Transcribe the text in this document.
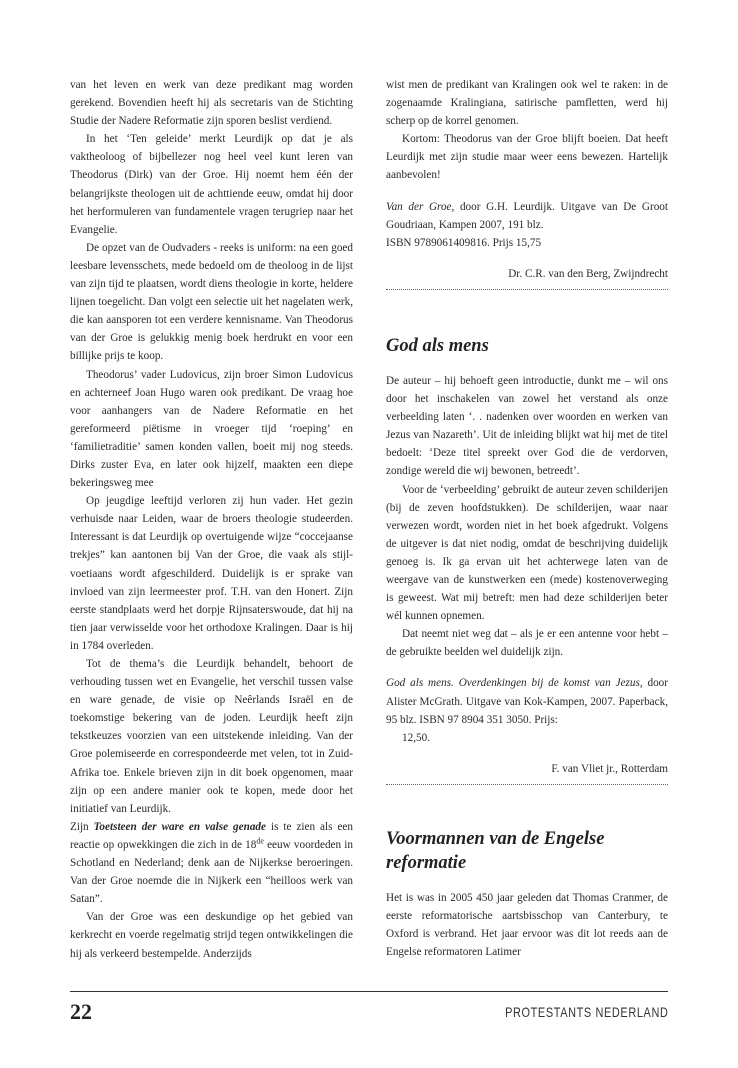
van het leven en werk van deze predikant mag worden gerekend. Bovendien heeft hij als secretaris van de Stichting Studie der Nadere Reformatie zijn sporen beslist verdiend.

In het ‘Ten geleide’ merkt Leurdijk op dat je als vaktheoloog of bijbellezer nog heel veel kunt leren van Theodorus (Dirk) van der Groe. Hij noemt hem één der belangrijkste theologen uit de achttiende eeuw, omdat hij door het herformuleren van fundamentele vragen terugriep naar het Evangelie.

De opzet van de Oudvaders - reeks is uniform: na een goed leesbare levensschets, mede bedoeld om de theoloog in de lijst van zijn tijd te plaatsen, wordt diens theologie in korte, heldere lijnen toegelicht. Dan volgt een selectie uit het nagelaten werk, die kan aansporen tot een verdere kennisname. Van Theodorus van der Groe is gelukkig menig boek herdrukt en voor een billijke prijs te koop.

Theodorus’ vader Ludovicus, zijn broer Simon Ludovicus en achterneef Joan Hugo waren ook predikant. De vraag hoe voor aanhangers van de Nadere Reformatie en het gereformeerd piëtisme in vroeger tijd ‘roeping’ en ‘familietraditie’ samen konden vallen, boeit mij nog steeds. Dirks zuster Eva, en later ook hijzelf, maakten een diepe bekeringsweg mee

Op jeugdige leeftijd verloren zij hun vader. Het gezin verhuisde naar Leiden, waar de broers theologie studeerden. Interessant is dat Leurdijk op overtuigende wijze “coccejaanse trekjes” kan aantonen bij Van der Groe, die vaak als stijl-voetiaans wordt afgeschilderd. Duidelijk is er sprake van invloed van zijn leermeester prof. T.H. van den Honert. Zijn eerste standplaats werd het dorpje Rijnsaterswoude, dat hij na tien jaar verwisselde voor het orthodoxe Kralingen. Daar is hij in 1784 overleden.

Tot de thema’s die Leurdijk behandelt, behoort de verhouding tussen wet en Evangelie, het verschil tussen valse en ware genade, de visie op Neêrlands Israël en de toekomstige bekering van de joden. Leurdijk heeft zijn tekstkeuzes voorzien van een uitstekende inleiding. Van der Groe polemiseerde en correspondeerde met velen, tot in Zuid-Afrika toe. Enkele brieven zijn in dit boek opgenomen, maar zijn op een andere manier ook te kopen, mede door het initiatief van Leurdijk.

Zijn Toetsteen der ware en valse genade is te zien als een reactie op opwekkingen die zich in de 18de eeuw voordeden in Schotland en Nederland; denk aan de Nijkerkse beroeringen. Van der Groe noemde die in Nijkerk een “heilloos werk van Satan”.

Van der Groe was een deskundige op het gebied van kerkrecht en voerde regelmatig strijd tegen ontwikkelingen die hij als verkeerd bestempelde. Anderzijds

wist men de predikant van Kralingen ook wel te raken: in de zogenaamde Kralingiana, satirische pamfletten, werd hij scherp op de korrel genomen.

Kortom: Theodorus van der Groe blijft boeien. Dat heeft Leurdijk met zijn studie maar weer eens bewezen. Hartelijk aanbevolen!

Van der Groe, door G.H. Leurdijk. Uitgave van De Groot Goudriaan, Kampen 2007, 191 blz.

ISBN 9789061409816. Prijs 15,75

Dr. C.R. van den Berg, Zwijndrecht

God als mens

De auteur – hij behoeft geen introductie, dunkt me – wil ons door het inschakelen van zowel het verstand als onze verbeelding laten ‘. . nadenken over woorden en werken van Jezus van Nazareth’. Uit de inleiding blijkt wat hij met de titel bedoelt: ‘Deze titel spreekt over God die de verdorven, zondige wereld die wij bewonen, betreedt’.

Voor de ‘verbeelding’ gebruikt de auteur zeven schilderijen (bij de zeven hoofdstukken). De schilderijen, waar naar verwezen wordt, worden niet in het boek afgedrukt. Volgens de uitgever is dat niet nodig, omdat de beschrijving duidelijk genoeg is. Ik ga ervan uit het achterwege laten van de weergave van de kunstwerken een (mede) kostenoverweging is geweest. Wat mij betreft: men had deze schilderijen beter wél kunnen opnemen.

Dat neemt niet weg dat – als je er een antenne voor hebt – de gebruikte beelden wel duidelijk zijn.

God als mens. Overdenkingen bij de komst van Jezus, door Alister McGrath. Uitgave van Kok-Kampen, 2007. Paperback, 95 blz. ISBN 97 8904 351 3050. Prijs:

12,50.

F. van Vliet jr., Rotterdam

Voormannen van de Engelse reformatie

Het is was in 2005 450 jaar geleden dat Thomas Cranmer, de eerste reformatorische aartsbisschop van Canterbury, te Oxford is verbrand. Het jaar ervoor was dit lot reeds aan de Engelse reformatoren Latimer

22	PROTESTANTS NEDERLAND
